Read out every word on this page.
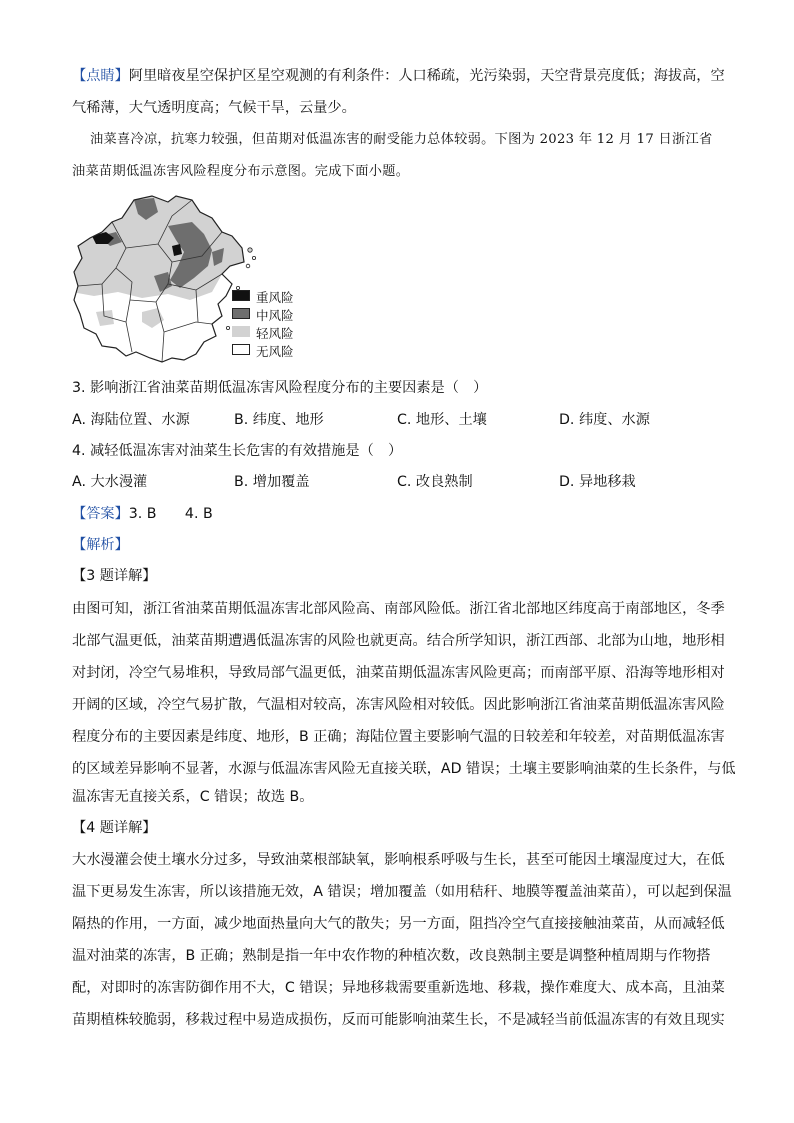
【点睛】阿里暗夜星空保护区星空观测的有利条件：人口稀疏，光污染弱，天空背景亮度低；海拔高，空
气稀薄，大气透明度高；气候干旱，云量少。
油菜喜冷凉，抗寒力较强，但苗期对低温冻害的耐受能力总体较弱。下图为 2023 年 12 月 17 日浙江省
油菜苗期低温冻害风险程度分布示意图。完成下面小题。
重风险
中风险
轻风险
无风险
3. 影响浙江省油菜苗期低温冻害风险程度分布的主要因素是（　）
A. 海陆位置、水源	B. 纬度、地形	C. 地形、土壤	D. 纬度、水源
4. 减轻低温冻害对油菜生长危害的有效措施是（　）
A. 大水漫灌	B. 增加覆盖	C. 改良熟制	D. 异地移栽
【答案】3. B　　4. B
【解析】
【3 题详解】
由图可知，浙江省油菜苗期低温冻害北部风险高、南部风险低。浙江省北部地区纬度高于南部地区，冬季
北部气温更低，油菜苗期遭遇低温冻害的风险也就更高。结合所学知识，浙江西部、北部为山地，地形相
对封闭，冷空气易堆积，导致局部气温更低，油菜苗期低温冻害风险更高；而南部平原、沿海等地形相对
开阔的区域，冷空气易扩散，气温相对较高，冻害风险相对较低。因此影响浙江省油菜苗期低温冻害风险
程度分布的主要因素是纬度、地形，B 正确；海陆位置主要影响气温的日较差和年较差，对苗期低温冻害
的区域差异影响不显著，水源与低温冻害风险无直接关联，AD 错误；土壤主要影响油菜的生长条件，与低
温冻害无直接关系，C 错误；故选 B。
【4 题详解】
大水漫灌会使土壤水分过多，导致油菜根部缺氧，影响根系呼吸与生长，甚至可能因土壤湿度过大，在低
温下更易发生冻害，所以该措施无效，A 错误；增加覆盖（如用秸秆、地膜等覆盖油菜苗），可以起到保温
隔热的作用，一方面，减少地面热量向大气的散失；另一方面，阻挡冷空气直接接触油菜苗，从而减轻低
温对油菜的冻害，B 正确；熟制是指一年中农作物的种植次数，改良熟制主要是调整种植周期与作物搭
配，对即时的冻害防御作用不大，C 错误；异地移栽需要重新选地、移栽，操作难度大、成本高，且油菜
苗期植株较脆弱，移栽过程中易造成损伤，反而可能影响油菜生长，不是减轻当前低温冻害的有效且现实
